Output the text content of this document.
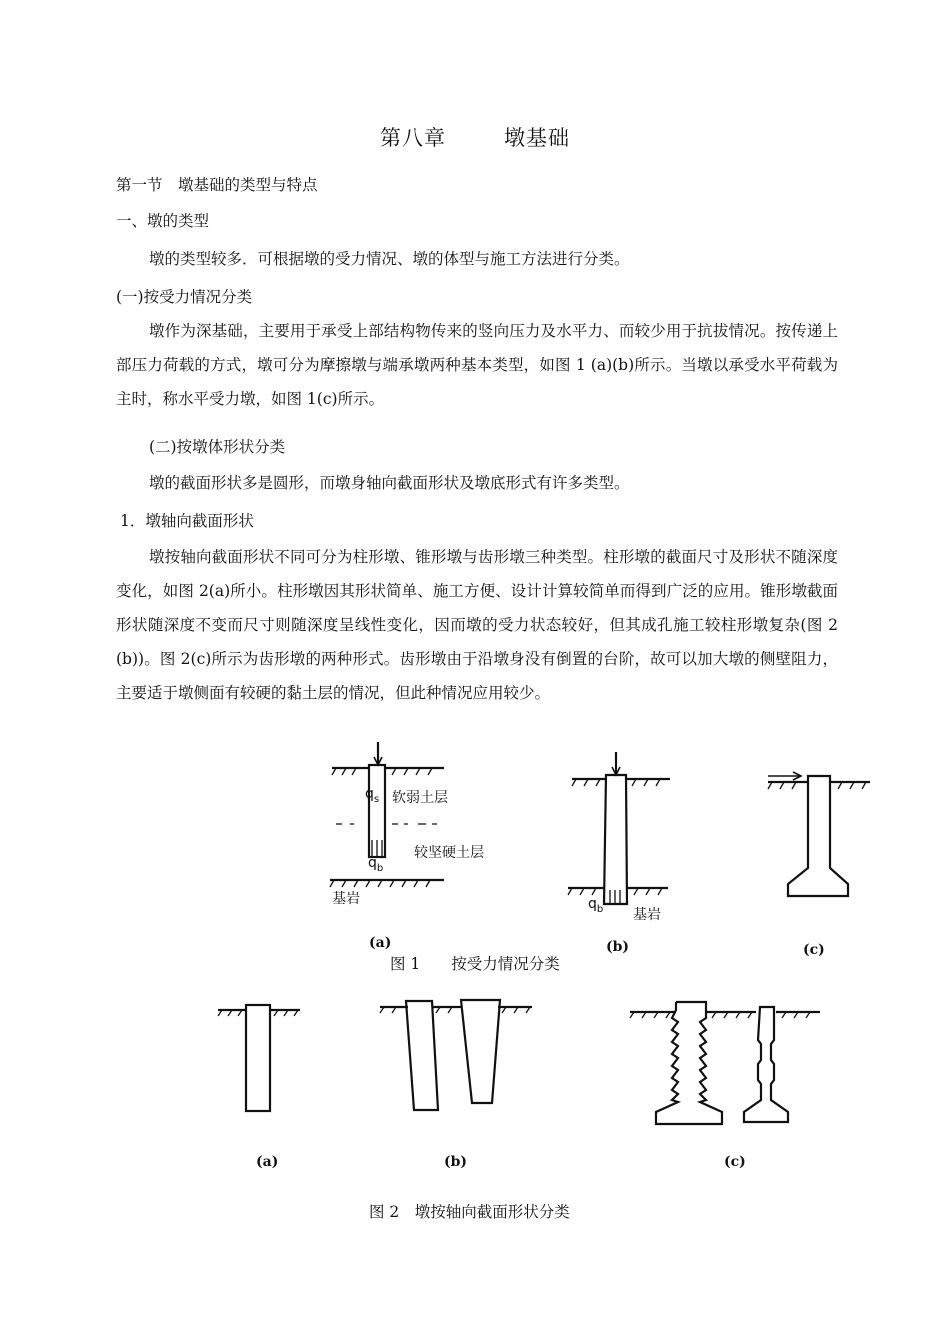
第八章	墩基础
第一节　墩基础的类型与特点
一、墩的类型
墩的类型较多．可根据墩的受力情况、墩的体型与施工方法进行分类。
(一)按受力情况分类
墩作为深基础，主要用于承受上部结构物传来的竖向压力及水平力、而较少用于抗拔情况。按传递上部压力荷载的方式，墩可分为摩擦墩与端承墩两种基本类型，如图 1 (a)(b)所示。当墩以承受水平荷载为主时，称水平受力墩，如图 1(c)所示。
(二)按墩体形状分类
墩的截面形状多是圆形，而墩身轴向截面形状及墩底形式有许多类型。
1．墩轴向截面形状
墩按轴向截面形状不同可分为柱形墩、锥形墩与齿形墩三种类型。柱形墩的截面尺寸及形状不随深度变化，如图 2(a)所小。柱形墩因其形状简单、施工方便、设计计算较简单而得到广泛的应用。锥形墩截面形状随深度不变而尺寸则随深度呈线性变化，因而墩的受力状态较好，但其成孔施工较柱形墩复杂(图 2(b))。图 2(c)所示为齿形墩的两种形式。齿形墩由于沿墩身没有倒置的台阶，故可以加大墩的侧壁阻力，主要适于墩侧面有较硬的黏土层的情况，但此种情况应用较少。
$q_s$ 软弱土层
$q_b$
较坚硬土层
基岩	$q_b$ 基岩
(a)	(b)	(c)
图 1　　按受力情况分类
(a)	(b)	(c)
图 2　墩按轴向截面形状分类
